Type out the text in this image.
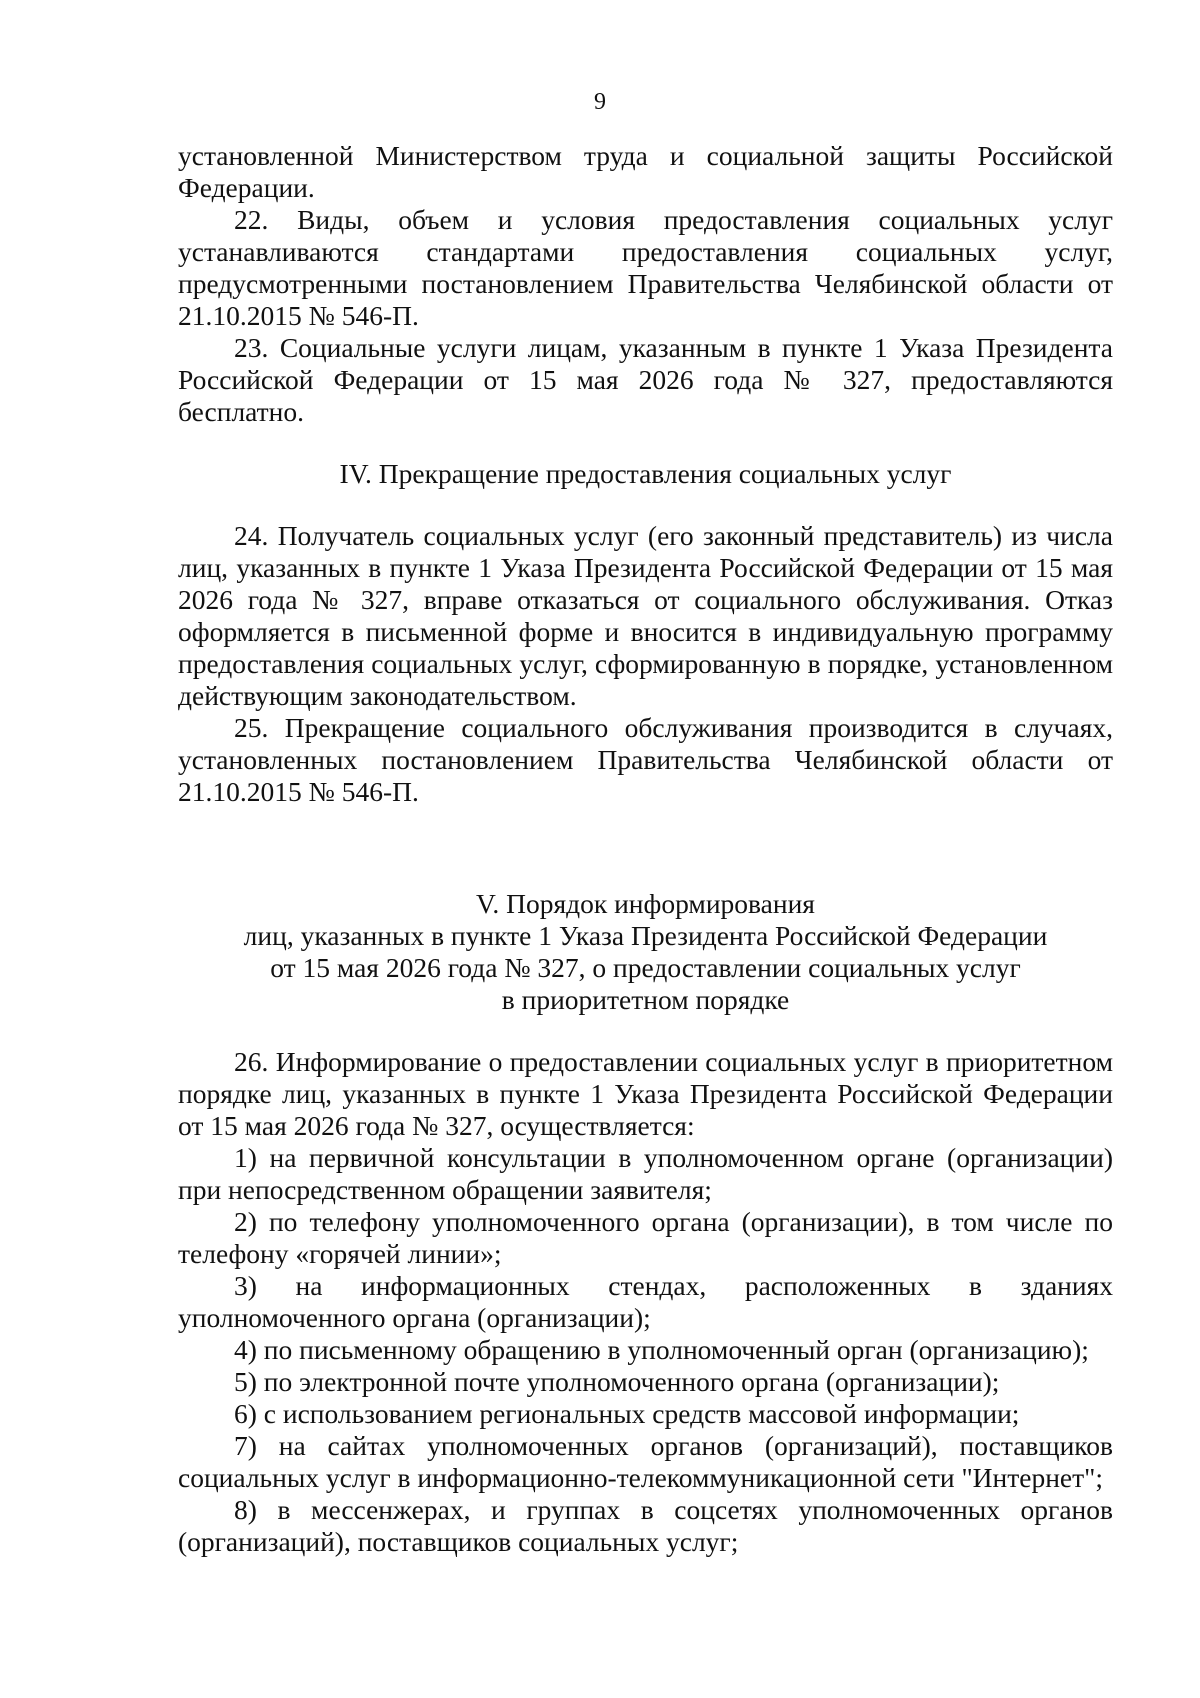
9

установленной Министерством труда и социальной защиты Российской Федерации.

22. Виды, объем и условия предоставления социальных услуг устанавливаются стандартами предоставления социальных услуг, предусмотренными постановлением Правительства Челябинской области от 21.10.2015 № 546-П.

23. Социальные услуги лицам, указанным в пункте 1 Указа Президента Российской Федерации от 15 мая 2026 года № 327, предоставляются бесплатно.

IV. Прекращение предоставления социальных услуг

24. Получатель социальных услуг (его законный представитель) из числа лиц, указанных в пункте 1 Указа Президента Российской Федерации от 15 мая 2026 года № 327, вправе отказаться от социального обслуживания. Отказ оформляется в письменной форме и вносится в индивидуальную программу предоставления социальных услуг, сформированную в порядке, установленном действующим законодательством.

25. Прекращение социального обслуживания производится в случаях, установленных постановлением Правительства Челябинской области от 21.10.2015 № 546-П.

V. Порядок информирования

лиц, указанных в пункте 1 Указа Президента Российской Федерации

от 15 мая 2026 года № 327, о предоставлении социальных услуг

в приоритетном порядке

26. Информирование о предоставлении социальных услуг в приоритетном порядке лиц, указанных в пункте 1 Указа Президента Российской Федерации от 15 мая 2026 года № 327, осуществляется:

1) на первичной консультации в уполномоченном органе (организации) при непосредственном обращении заявителя;

2) по телефону уполномоченного органа (организации), в том числе по телефону «горячей линии»;

3) на информационных стендах, расположенных в зданиях уполномоченного органа (организации);

4) по письменному обращению в уполномоченный орган (организацию);

5) по электронной почте уполномоченного органа (организации);

6) с использованием региональных средств массовой информации;

7) на сайтах уполномоченных органов (организаций), поставщиков социальных услуг в информационно-телекоммуникационной сети "Интернет";

8) в мессенжерах, и группах в соцсетях уполномоченных органов (организаций), поставщиков социальных услуг;
